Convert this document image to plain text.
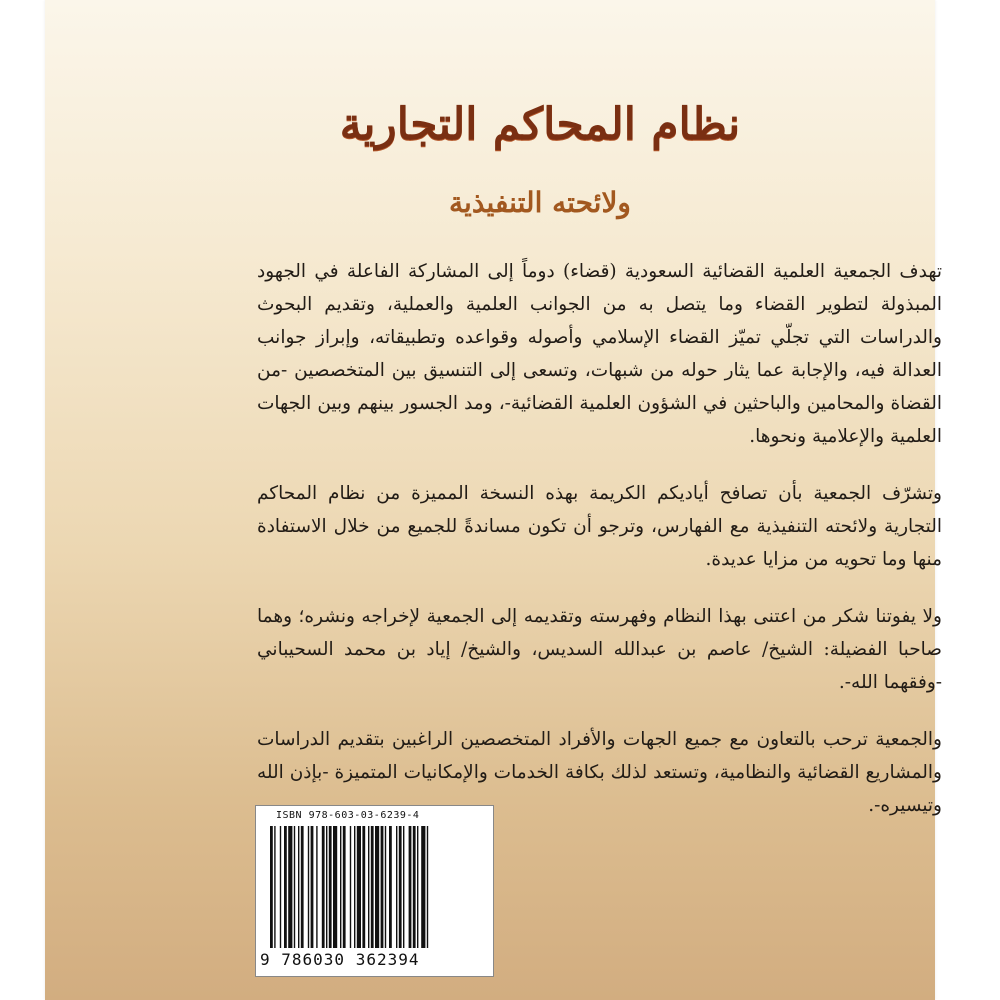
نظام المحاكم التجارية
ولائحته التنفيذية

تهدف الجمعية العلمية القضائية السعودية (قضاء) دوماً إلى المشاركة الفاعلة في الجهود المبذولة لتطوير القضاء وما يتصل به من الجوانب العلمية والعملية، وتقديم البحوث والدراسات التي تجلّي تميّز القضاء الإسلامي وأصوله وقواعده وتطبيقاته، وإبراز جوانب العدالة فيه، والإجابة عما يثار حوله من شبهات، وتسعى إلى التنسيق بين المتخصصين -من القضاة والمحامين والباحثين في الشؤون العلمية القضائية-، ومد الجسور بينهم وبين الجهات العلمية والإعلامية ونحوها.

وتشرّف الجمعية بأن تصافح أياديكم الكريمة بهذه النسخة المميزة من نظام المحاكم التجارية ولائحته التنفيذية مع الفهارس، وترجو أن تكون مساندةً للجميع من خلال الاستفادة منها وما تحويه من مزايا عديدة.

ولا يفوتنا شكر من اعتنى بهذا النظام وفهرسته وتقديمه إلى الجمعية لإخراجه ونشره؛ وهما صاحبا الفضيلة: الشيخ/ عاصم بن عبدالله السديس، والشيخ/ إياد بن محمد السحيباني -وفقهما الله-.

والجمعية ترحب بالتعاون مع جميع الجهات والأفراد المتخصصين الراغبين بتقديم الدراسات والمشاريع القضائية والنظامية، وتستعد لذلك بكافة الخدمات والإمكانيات المتميزة -بإذن الله وتيسيره-.

ISBN 978-603-03-6239-4
9 786030 362394
